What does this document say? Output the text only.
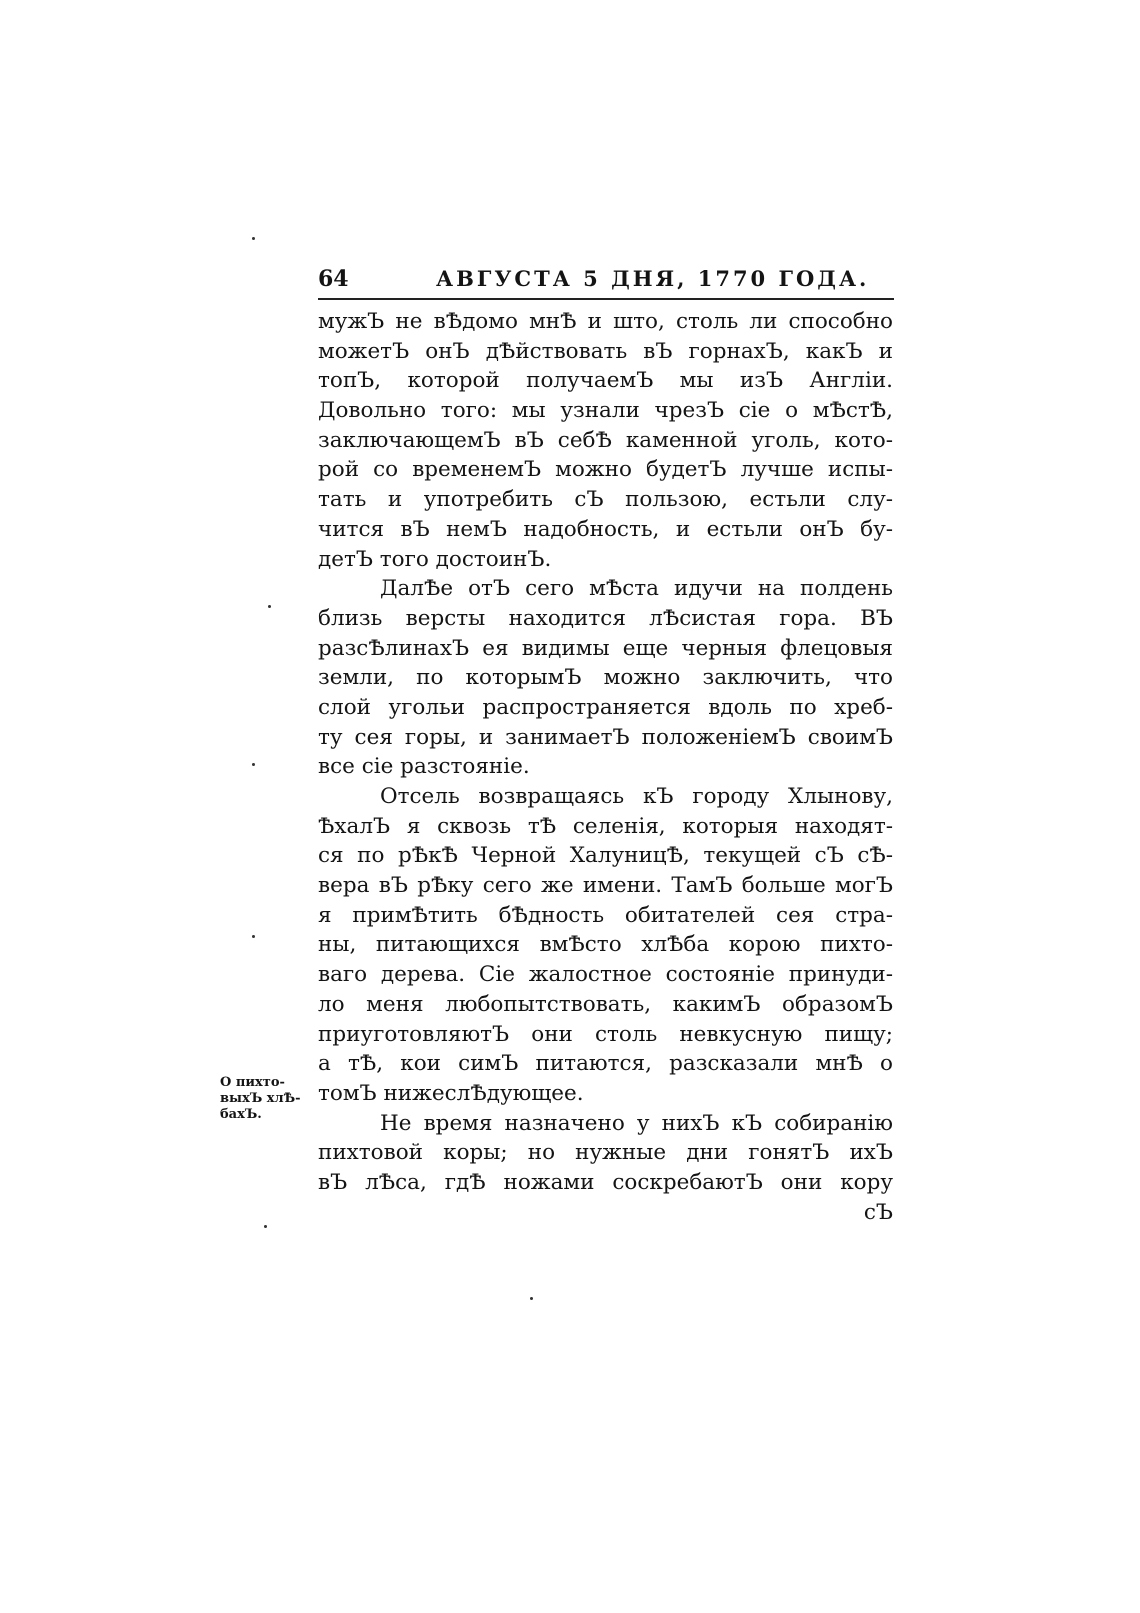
64	АВГУСТА 5 ДНЯ, 1770 ГОДА.
мужЪ не вѢдомо мнѢ и што, столь ли способно
можетЪ онЪ дѢйствовать вЪ горнахЪ, какЪ и
топЪ, которой получаемЪ мы изЪ Англіи.
Довольно того: мы узнали чрезЪ сіе о мѢстѢ,
заключающемЪ вЪ себѢ каменной уголь, кото-
рой со временемЪ можно будетЪ лучше испы-
тать и употребить сЪ пользою, естьли слу-
чится вЪ немЪ надобность, и естьли онЪ бу-
детЪ того достоинЪ.
ДалѢе отЪ сего мѢста идучи на полдень
близь версты находится лѢсистая гора. ВЪ
разсѢлинахЪ ея видимы еще черныя флецовыя
земли, по которымЪ можно заключить, что
слой угольи распространяется вдоль по хреб-
ту сея горы, и занимаетЪ положеніемЪ своимЪ
все сіе разстояніе.
Отсель возвращаясь кЪ городу Хлынову,
ѢхалЪ я сквозь тѢ селенія, которыя находят-
ся по рѢкѢ Черной ХалуницѢ, текущей сЪ сѢ-
вера вЪ рѢку сего же имени. ТамЪ больше могЪ
я примѢтить бѢдность обитателей сея стра-
ны, питающихся вмѢсто хлѢба корою пихто-
ваго дерева. Сіе жалостное состояніе принуди-
ло меня любопытствовать, какимЪ образомЪ
приуготовляютЪ они столь невкусную пищу;
а тѢ, кои симЪ питаются, разсказали мнѢ о
томЪ нижеслѢдующее.
Не время назначено у нихЪ кЪ собиранію
пихтовой коры; но нужные дни гонятЪ ихЪ
вЪ лѢса, гдѢ ножами соскребаютЪ они кору
сЪ
О пихто-
выхЪ хлѢ-
бахЪ.
